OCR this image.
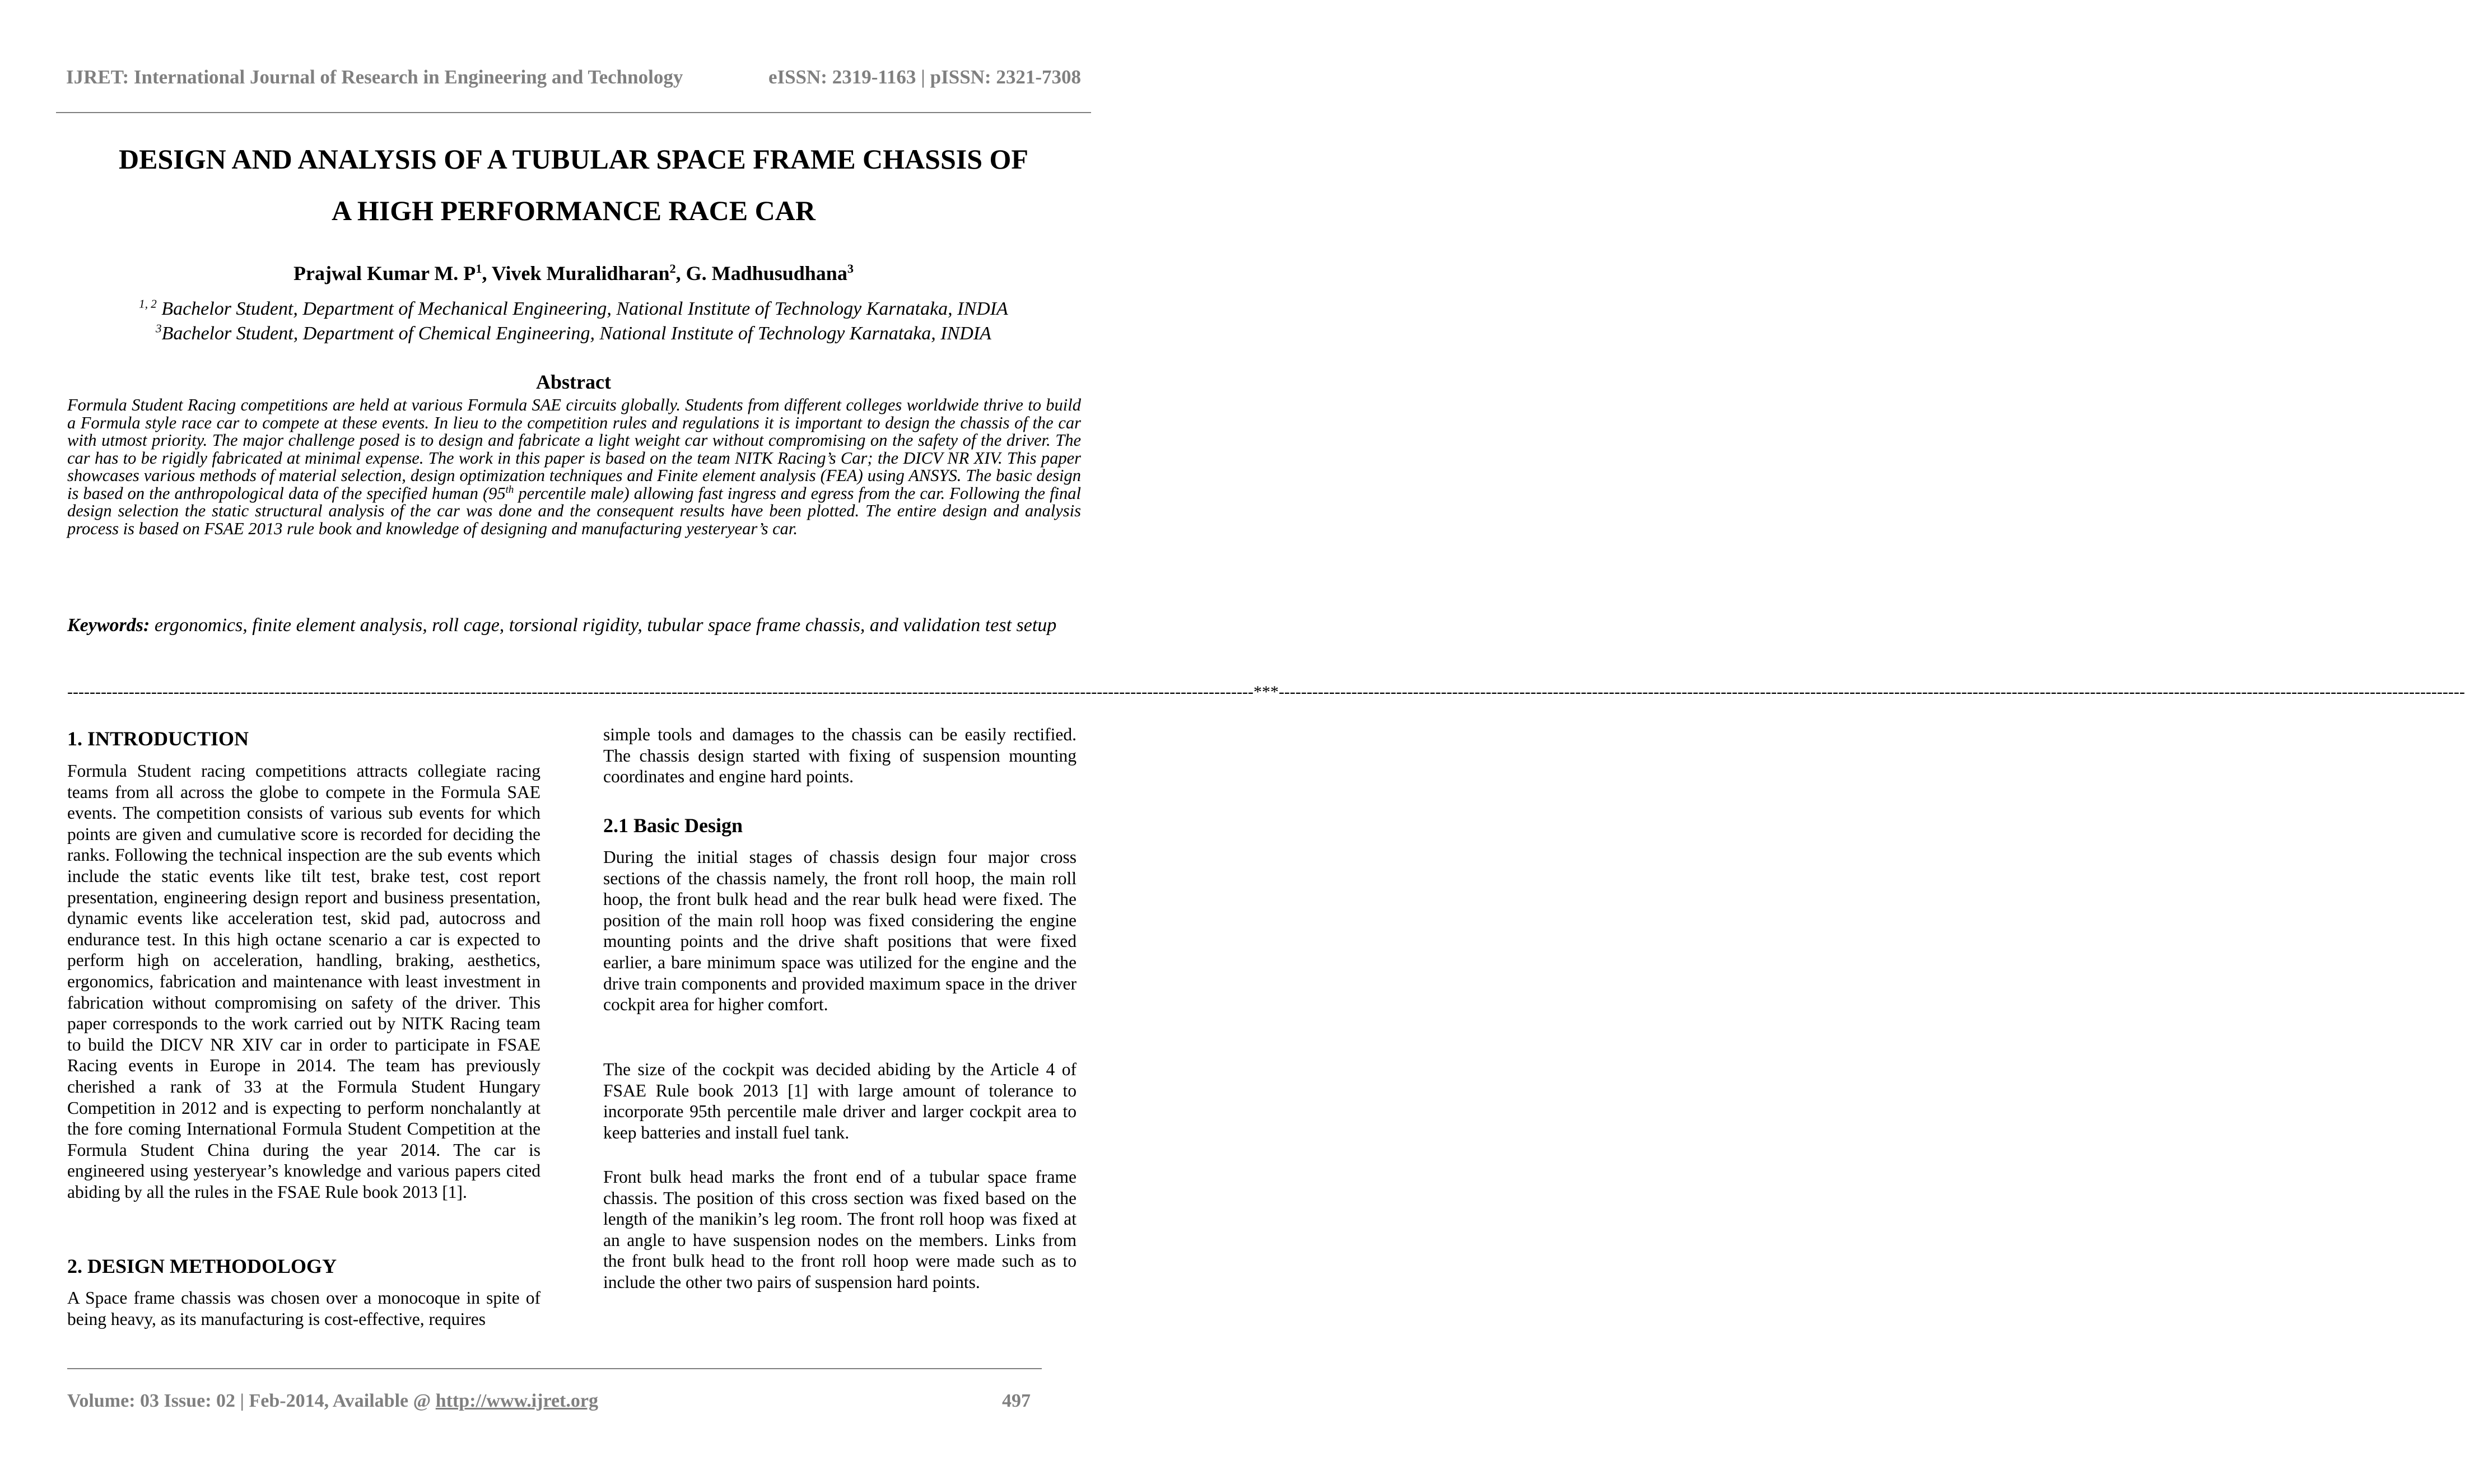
IJRET: International Journal of Research in Engineering and Technology	eISSN: 2319-1163 | pISSN: 2321-7308
DESIGN AND ANALYSIS OF A TUBULAR SPACE FRAME CHASSIS OF
A HIGH PERFORMANCE RACE CAR
Prajwal Kumar M. $P^1$, Vivek Muralidharan$^2$, G. Madhusudhana$^3$
$^{1, 2}$ Bachelor Student, Department of Mechanical Engineering, National Institute of Technology Karnataka, INDIA
$^3$Bachelor Student, Department of Chemical Engineering, National Institute of Technology Karnataka, INDIA
Abstract
Formula Student Racing competitions are held at various Formula SAE circuits globally. Students from different colleges worldwide thrive to build a Formula style race car to compete at these events. In lieu to the competition rules and regulations it is important to design the chassis of the car with utmost priority. The major challenge posed is to design and fabricate a light weight car without compromising on the safety of the driver. The car has to be rigidly fabricated at minimal expense. The work in this paper is based on the team NITK Racing’s Car; the DICV NR XIV. This paper showcases various methods of material selection, design optimization techniques and Finite element analysis (FEA) using ANSYS. The basic design is based on the anthropological data of the specified human (95th percentile male) allowing fast ingress and egress from the car. Following the final design selection the static structural analysis of the car was done and the consequent results have been plotted. The entire design and analysis process is based on FSAE 2013 rule book and knowledge of designing and manufacturing yesteryear’s car.
Keywords: ergonomics, finite element analysis, roll cage, torsional rigidity, tubular space frame chassis, and validation test setup
-------------------------------------------------------------------------------------------------------------------------------------------------------------------------------------------------------------------- *** --------------------------------------------------------------------------------------------------------------------------------------------------------------------------------------------------------------------
1. INTRODUCTION

Formula Student racing competitions attracts collegiate racing teams from all across the globe to compete in the Formula SAE events. The competition consists of various sub events for which points are given and cumulative score is recorded for deciding the ranks. Following the technical inspection are the sub events which include the static events like tilt test, brake test, cost report presentation, engineering design report and business presentation, dynamic events like acceleration test, skid pad, autocross and endurance test. In this high octane scenario a car is expected to perform high on acceleration, handling, braking, aesthetics, ergonomics, fabrication and maintenance with least investment in fabrication without compromising on safety of the driver. This paper corresponds to the work carried out by NITK Racing team to build the DICV NR XIV car in order to participate in FSAE Racing events in Europe in 2014. The team has previously cherished a rank of 33 at the Formula Student Hungary Competition in 2012 and is expecting to perform nonchalantly at the fore coming International Formula Student Competition at the Formula Student China during the year 2014. The car is engineered using yesteryear’s knowledge and various papers cited abiding by all the rules in the FSAE Rule book 2013 [1].

2. DESIGN METHODOLOGY

A Space frame chassis was chosen over a monocoque in spite of being heavy, as its manufacturing is cost-effective, requires

simple tools and damages to the chassis can be easily rectified. The chassis design started with fixing of suspension mounting coordinates and engine hard points.

2.1 Basic Design

During the initial stages of chassis design four major cross sections of the chassis namely, the front roll hoop, the main roll hoop, the front bulk head and the rear bulk head were fixed. The position of the main roll hoop was fixed considering the engine mounting points and the drive shaft positions that were fixed earlier, a bare minimum space was utilized for the engine and the drive train components and provided maximum space in the driver cockpit area for higher comfort.

The size of the cockpit was decided abiding by the Article 4 of FSAE Rule book 2013 [1] with large amount of tolerance to incorporate 95th percentile male driver and larger cockpit area to keep batteries and install fuel tank.

Front bulk head marks the front end of a tubular space frame chassis. The position of this cross section was fixed based on the length of the manikin’s leg room. The front roll hoop was fixed at an angle to have suspension nodes on the members. Links from the front bulk head to the front roll hoop were made such as to include the other two pairs of suspension hard points.

Volume: 03 Issue: 02 | Feb-2014, Available @ http://www.ijret.org	497
